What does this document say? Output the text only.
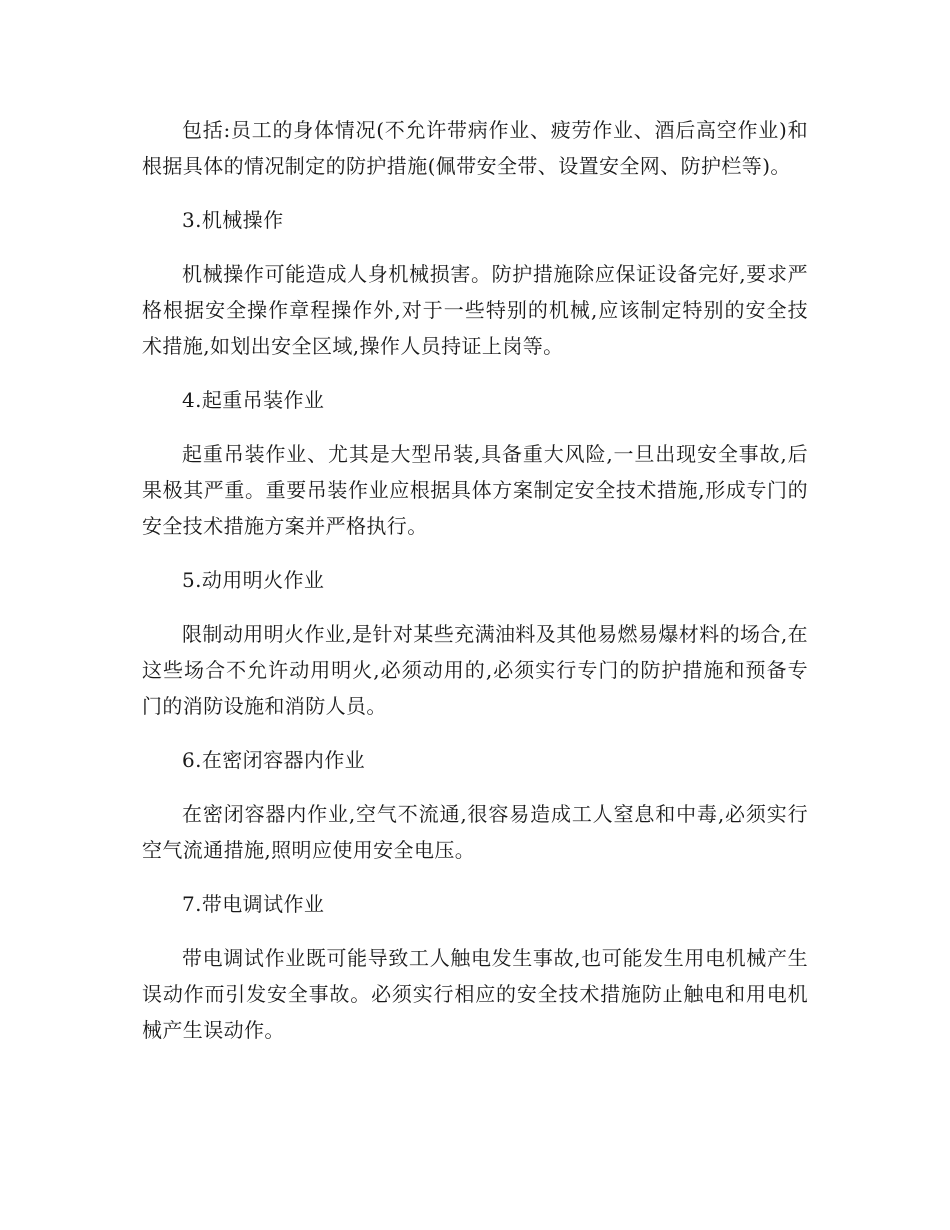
包括:员工的身体情况(不允许带病作业、疲劳作业、酒后高空作业)和根据具体的情况制定的防护措施(佩带安全带、设置安全网、防护栏等)。

3.机械操作

机械操作可能造成人身机械损害。防护措施除应保证设备完好,要求严格根据安全操作章程操作外,对于一些特别的机械,应该制定特别的安全技术措施,如划出安全区域,操作人员持证上岗等。

4.起重吊装作业

起重吊装作业、尤其是大型吊装,具备重大风险,一旦出现安全事故,后果极其严重。重要吊装作业应根据具体方案制定安全技术措施,形成专门的安全技术措施方案并严格执行。

5.动用明火作业

限制动用明火作业,是针对某些充满油料及其他易燃易爆材料的场合,在这些场合不允许动用明火,必须动用的,必须实行专门的防护措施和预备专门的消防设施和消防人员。

6.在密闭容器内作业

在密闭容器内作业,空气不流通,很容易造成工人窒息和中毒,必须实行空气流通措施,照明应使用安全电压。

7.带电调试作业

带电调试作业既可能导致工人触电发生事故,也可能发生用电机械产生误动作而引发安全事故。必须实行相应的安全技术措施防止触电和用电机械产生误动作。
